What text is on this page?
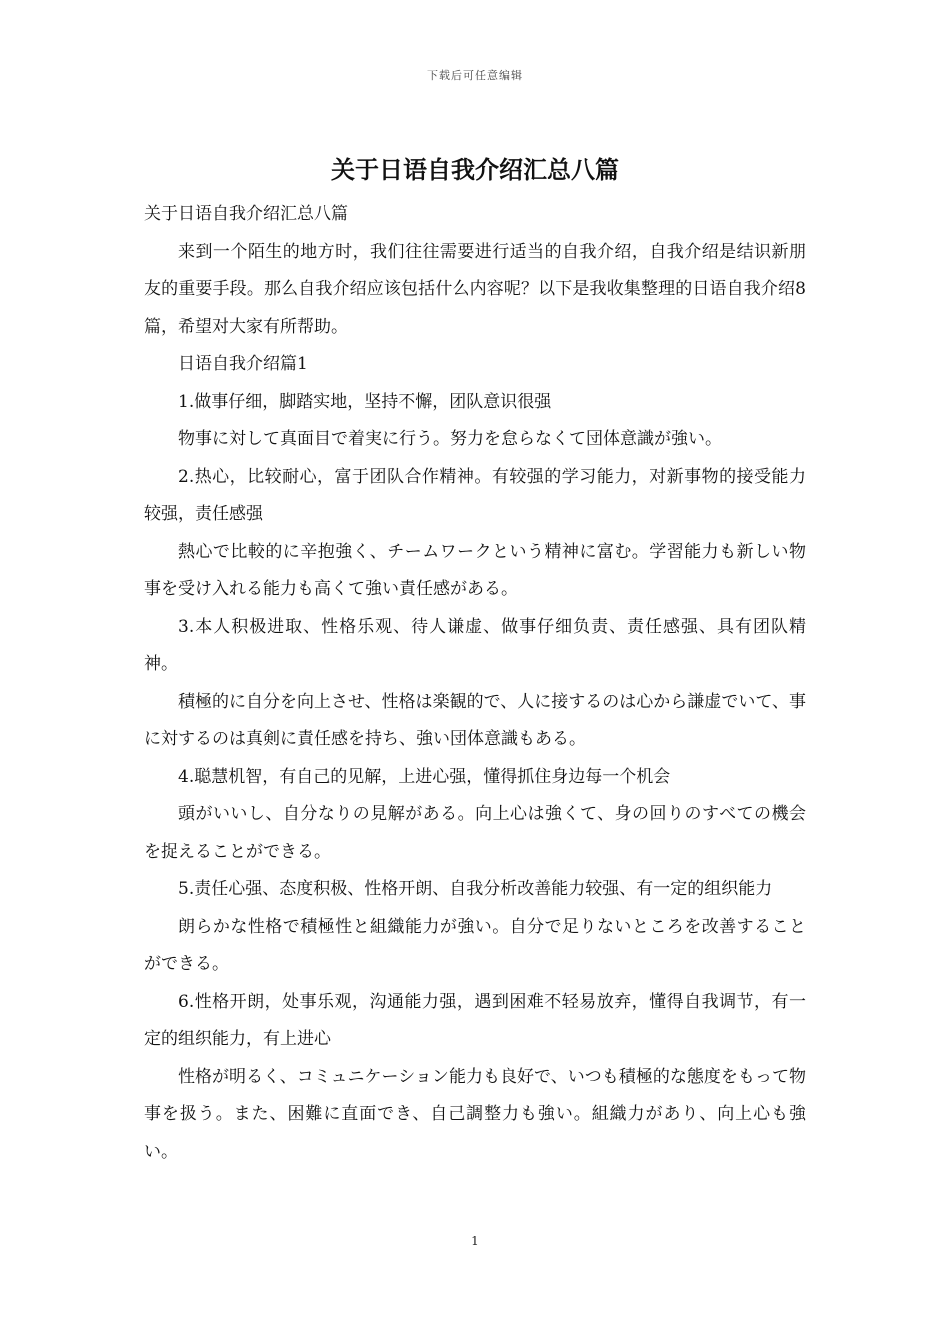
下载后可任意编辑
关于日语自我介绍汇总八篇

关于日语自我介绍汇总八篇

来到一个陌生的地方时，我们往往需要进行适当的自我介绍，自我介绍是结识新朋友的重要手段。那么自我介绍应该包括什么内容呢？以下是我收集整理的日语自我介绍8篇，希望对大家有所帮助。

日语自我介绍篇1

1.做事仔细，脚踏实地，坚持不懈，团队意识很强

物事に対して真面目で着実に行う。努力を怠らなくて団体意識が強い。

2.热心，比较耐心，富于团队合作精神。有较强的学习能力，对新事物的接受能力较强，责任感强

熱心で比較的に辛抱強く、チームワークという精神に富む。学習能力も新しい物事を受け入れる能力も高くて強い責任感がある。

3.本人积极进取、性格乐观、待人谦虚、做事仔细负责、责任感强、具有团队精神。

積極的に自分を向上させ、性格は楽観的で、人に接するのは心から謙虚でいて、事に対するのは真剣に責任感を持ち、強い団体意識もある。

4.聪慧机智，有自己的见解，上进心强，懂得抓住身边每一个机会

頭がいいし、自分なりの見解がある。向上心は強くて、身の回りのすべての機会を捉えることができる。

5.责任心强、态度积极、性格开朗、自我分析改善能力较强、有一定的组织能力

朗らかな性格で積極性と組織能力が強い。自分で足りないところを改善することができる。

6.性格开朗，处事乐观，沟通能力强，遇到困难不轻易放弃，懂得自我调节，有一定的组织能力，有上进心

性格が明るく、コミュニケーション能力も良好で、いつも積極的な態度をもって物事を扱う。また、困難に直面でき、自己調整力も強い。組織力があり、向上心も強い。

1
